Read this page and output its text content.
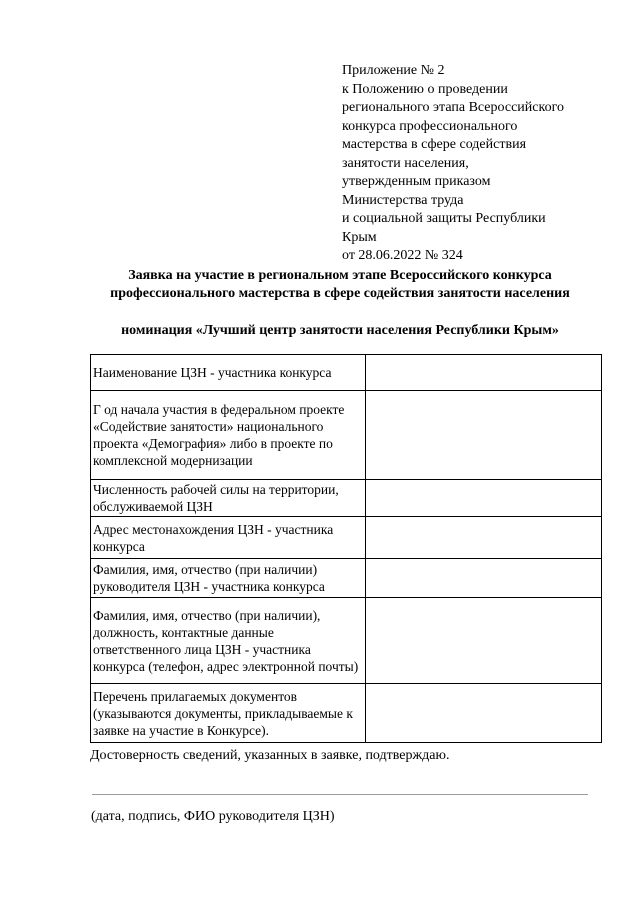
Приложение № 2
к Положению о проведении
регионального этапа Всероссийского
конкурса профессионального
мастерства в сфере содействия
занятости населения,
утвержденным приказом
Министерства труда
и социальной защиты Республики
Крым
от 28.06.2022 № 324
Заявка на участие в региональном этапе Всероссийского конкурса
профессионального мастерства в сфере содействия занятости населения
номинация «Лучший центр занятости населения Республики Крым»
Наименование ЦЗН - участника конкурса	
Г од начала участия в федеральном проекте «Содействие занятости» национального проекта «Демография» либо в проекте по комплексной модернизации	
Численность рабочей силы на территории, обслуживаемой ЦЗН	
Адрес местонахождения ЦЗН - участника конкурса	
Фамилия, имя, отчество (при наличии) руководителя ЦЗН - участника конкурса	
Фамилия, имя, отчество (при наличии), должность, контактные данные ответственного лица ЦЗН - участника конкурса (телефон, адрес электронной почты)	
Перечень прилагаемых документов (указываются документы, прикладываемые к заявке на участие в Конкурсе).	
Достоверность сведений, указанных в заявке, подтверждаю.
(дата, подпись, ФИО руководителя ЦЗН)
